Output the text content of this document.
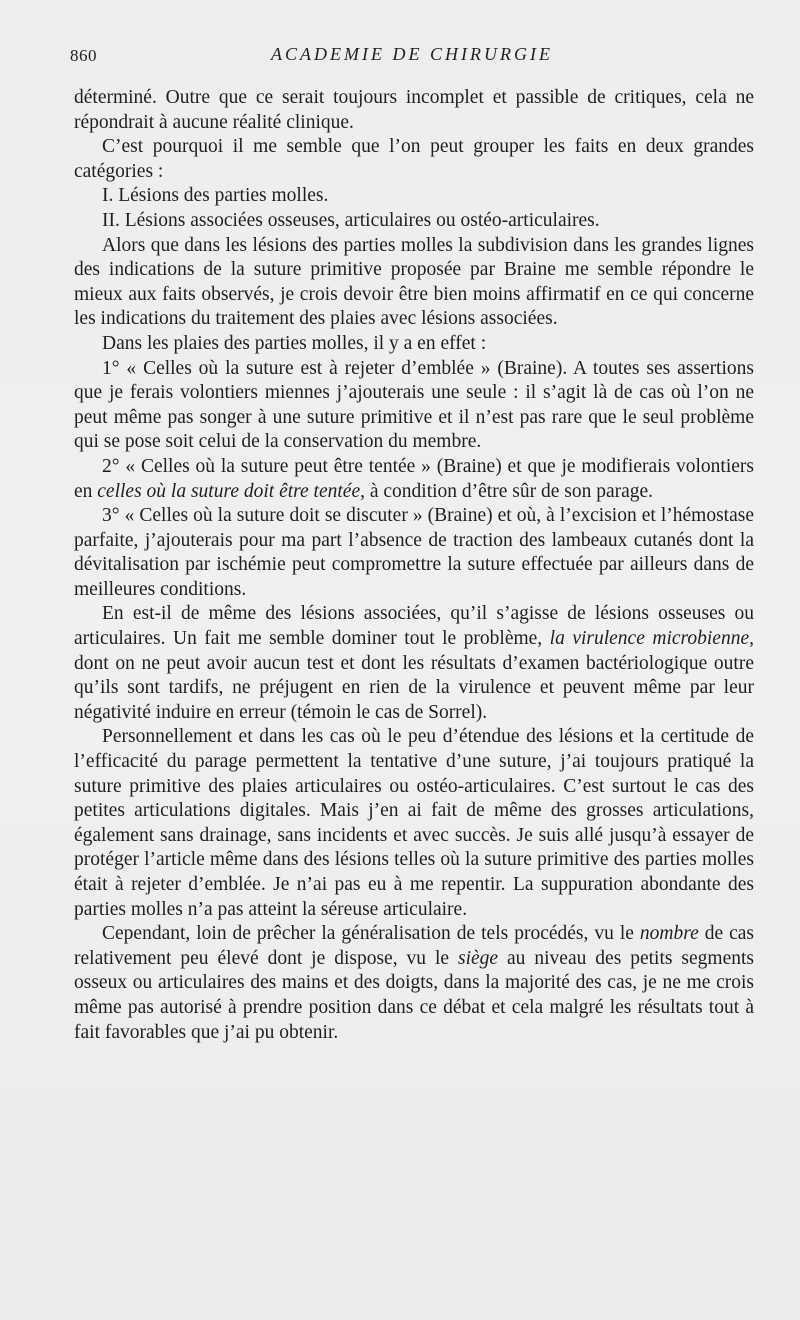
860	ACADEMIE DE CHIRURGIE

déterminé. Outre que ce serait toujours incomplet et passible de critiques, cela ne répondrait à aucune réalité clinique.

C’est pourquoi il me semble que l’on peut grouper les faits en deux grandes catégories :

I. Lésions des parties molles.

II. Lésions associées osseuses, articulaires ou ostéo-articulaires.

Alors que dans les lésions des parties molles la subdivision dans les grandes lignes des indications de la suture primitive proposée par Braine me semble répondre le mieux aux faits observés, je crois devoir être bien moins affirmatif en ce qui concerne les indications du traitement des plaies avec lésions associées.

Dans les plaies des parties molles, il y a en effet :

1° « Celles où la suture est à rejeter d’emblée » (Braine). A toutes ses assertions que je ferais volontiers miennes j’ajouterais une seule : il s’agit là de cas où l’on ne peut même pas songer à une suture primitive et il n’est pas rare que le seul problème qui se pose soit celui de la conservation du membre.

2° « Celles où la suture peut être tentée » (Braine) et que je modifierais volontiers en celles où la suture doit être tentée, à condition d’être sûr de son parage.

3° « Celles où la suture doit se discuter » (Braine) et où, à l’excision et l’hémostase parfaite, j’ajouterais pour ma part l’absence de traction des lambeaux cutanés dont la dévitalisation par ischémie peut compromettre la suture effectuée par ailleurs dans de meilleures conditions.

En est-il de même des lésions associées, qu’il s’agisse de lésions osseuses ou articulaires. Un fait me semble dominer tout le problème, la virulence microbienne, dont on ne peut avoir aucun test et dont les résultats d’examen bactériologique outre qu’ils sont tardifs, ne préjugent en rien de la virulence et peuvent même par leur négativité induire en erreur (témoin le cas de Sorrel).

Personnellement et dans les cas où le peu d’étendue des lésions et la certitude de l’efficacité du parage permettent la tentative d’une suture, j’ai toujours pratiqué la suture primitive des plaies articulaires ou ostéo-articulaires. C’est surtout le cas des petites articulations digitales. Mais j’en ai fait de même des grosses articulations, également sans drainage, sans incidents et avec succès. Je suis allé jusqu’à essayer de protéger l’article même dans des lésions telles où la suture primitive des parties molles était à rejeter d’emblée. Je n’ai pas eu à me repentir. La suppuration abondante des parties molles n’a pas atteint la séreuse articulaire.

Cependant, loin de prêcher la généralisation de tels procédés, vu le nombre de cas relativement peu élevé dont je dispose, vu le siège au niveau des petits segments osseux ou articulaires des mains et des doigts, dans la majorité des cas, je ne me crois même pas autorisé à prendre position dans ce débat et cela malgré les résultats tout à fait favorables que j’ai pu obtenir.
